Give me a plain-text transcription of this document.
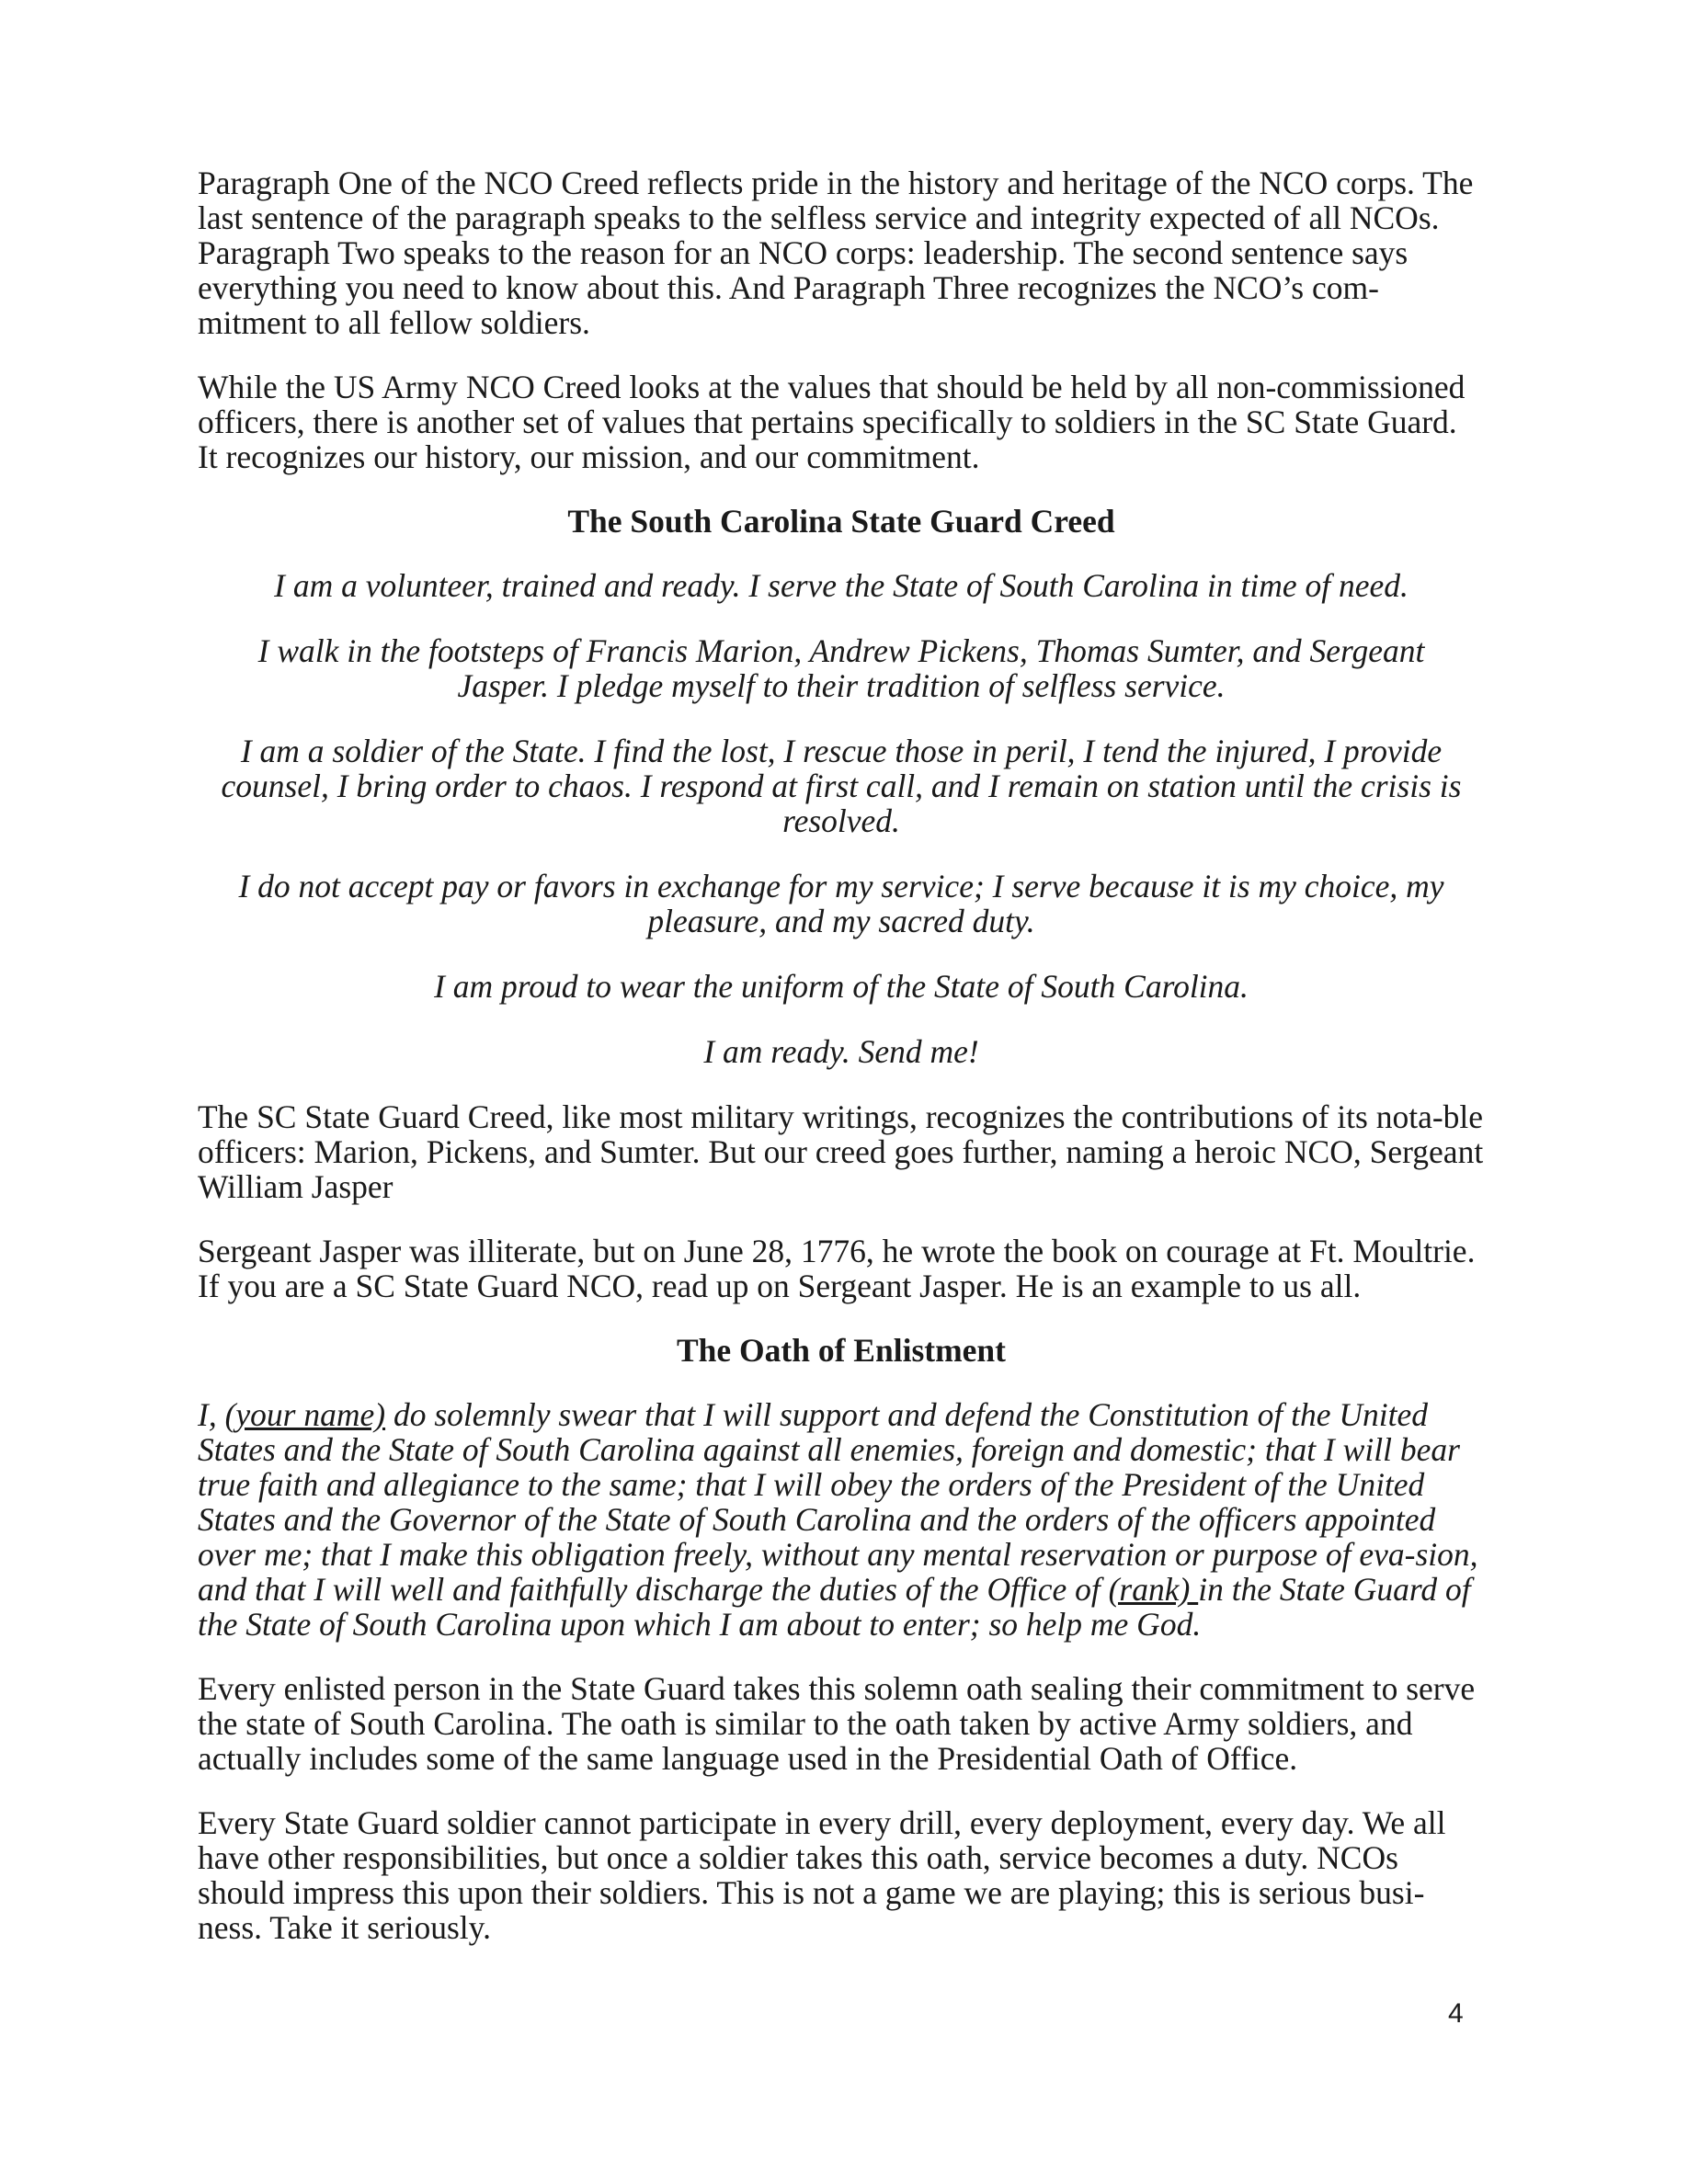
Paragraph One of the NCO Creed reflects pride in the history and heritage of the NCO corps. The last sentence of the paragraph speaks to the selfless service and integrity expected of all NCOs. Paragraph Two speaks to the reason for an NCO corps: leadership. The second sentence says everything you need to know about this. And Paragraph Three recognizes the NCO’s com-mitment to all fellow soldiers.

While the US Army NCO Creed looks at the values that should be held by all non-commissioned officers, there is another set of values that pertains specifically to soldiers in the SC State Guard. It recognizes our history, our mission, and our commitment.

The South Carolina State Guard Creed

I am a volunteer, trained and ready. I serve the State of South Carolina in time of need.

I walk in the footsteps of Francis Marion, Andrew Pickens, Thomas Sumter, and Sergeant Jasper. I pledge myself to their tradition of selfless service.

I am a soldier of the State. I find the lost, I rescue those in peril, I tend the injured, I provide counsel, I bring order to chaos. I respond at first call, and I remain on station until the crisis is resolved.

I do not accept pay or favors in exchange for my service; I serve because it is my choice, my pleasure, and my sacred duty.

I am proud to wear the uniform of the State of South Carolina.

I am ready. Send me!

The SC State Guard Creed, like most military writings, recognizes the contributions of its nota-ble officers: Marion, Pickens, and Sumter. But our creed goes further, naming a heroic NCO, Sergeant William Jasper

Sergeant Jasper was illiterate, but on June 28, 1776, he wrote the book on courage at Ft. Moultrie. If you are a SC State Guard NCO, read up on Sergeant Jasper. He is an example to us all.

The Oath of Enlistment

I, (your name) do solemnly swear that I will support and defend the Constitution of the United States and the State of South Carolina against all enemies, foreign and domestic; that I will bear true faith and allegiance to the same; that I will obey the orders of the President of the United States and the Governor of the State of South Carolina and the orders of the officers appointed over me; that I make this obligation freely, without any mental reservation or purpose of eva-sion, and that I will well and faithfully discharge the duties of the Office of (rank) in the State Guard of the State of South Carolina upon which I am about to enter; so help me God.

Every enlisted person in the State Guard takes this solemn oath sealing their commitment to serve the state of South Carolina. The oath is similar to the oath taken by active Army soldiers, and actually includes some of the same language used in the Presidential Oath of Office.

Every State Guard soldier cannot participate in every drill, every deployment, every day. We all have other responsibilities, but once a soldier takes this oath, service becomes a duty. NCOs should impress this upon their soldiers. This is not a game we are playing; this is serious busi-ness. Take it seriously.

4
